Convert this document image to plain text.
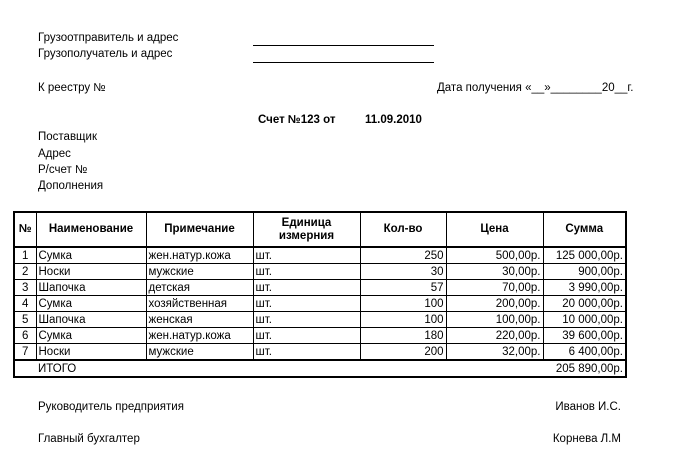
Грузоотправитель и адрес
Грузополучатель и адрес
К реестру №	Дата получения «__»________20__г.
Счет №123 от	11.09.2010
Поставщик
Адрес
Р/счет №
Дополнения
№	Наименование	Примечание	Единица измерния	Кол-во	Цена	Сумма
1	Сумка	жен.натур.кожа	шт.	250	500,00р.	125 000,00р.
2	Носки	мужские	шт.	30	30,00р.	900,00р.
3	Шапочка	детская	шт.	57	70,00р.	3 990,00р.
4	Сумка	хозяйственная	шт.	100	200,00р.	20 000,00р.
5	Шапочка	женская	шт.	100	100,00р.	10 000,00р.
6	Сумка	жен.натур.кожа	шт.	180	220,00р.	39 600,00р.
7	Носки	мужские	шт.	200	32,00р.	6 400,00р.
	ИТОГО					205 890,00р.
Руководитель предприятия	Иванов И.С.
Главный бухгалтер	Корнева Л.М
